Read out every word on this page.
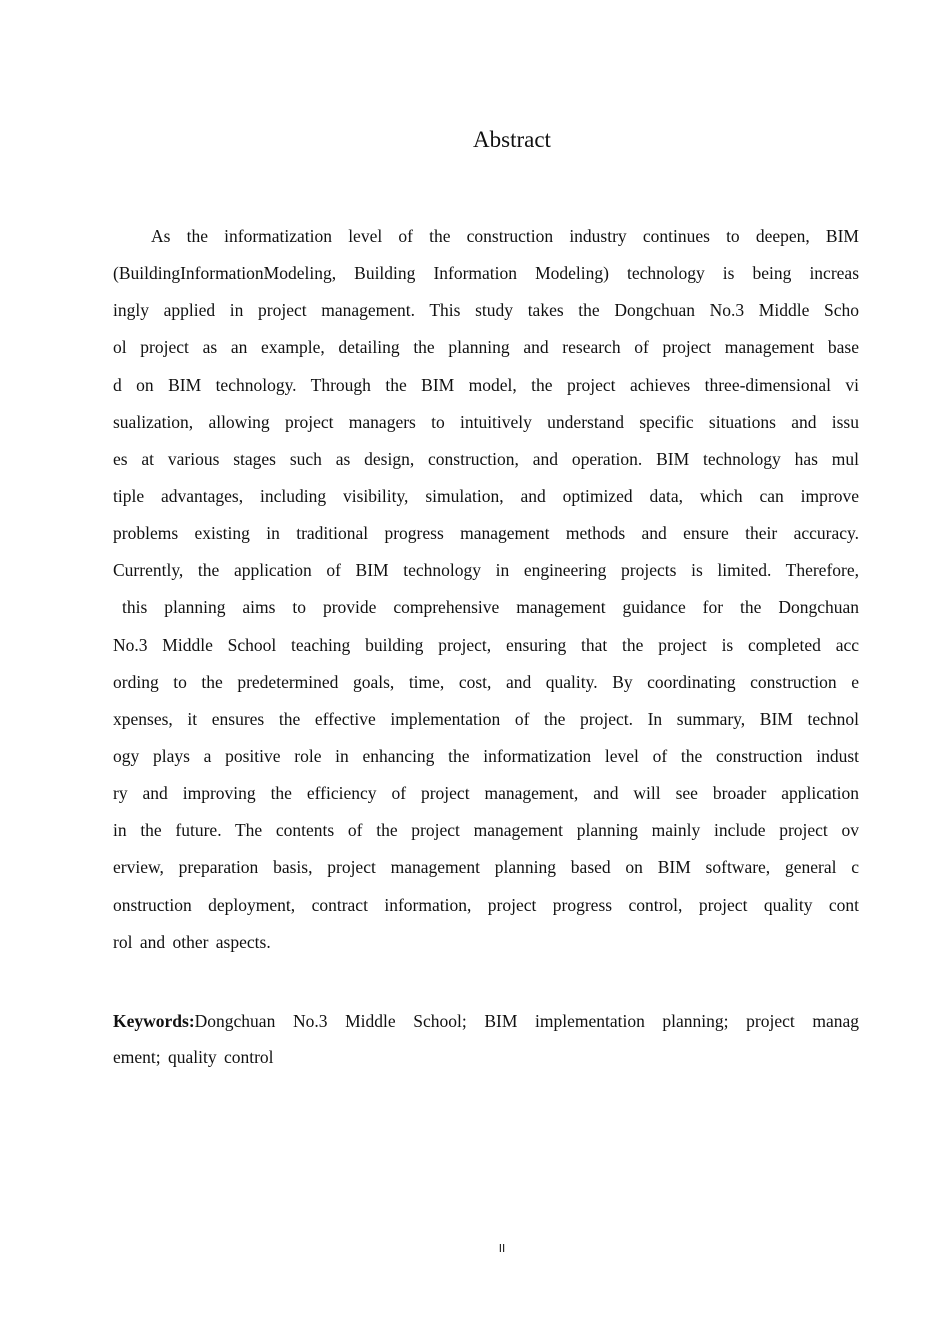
Abstract
As the informatization level of the construction industry continues to deepen, BIM
(BuildingInformationModeling, Building Information Modeling) technology is being increas
ingly applied in project management. This study takes the Dongchuan No.3 Middle Scho
ol project as an example, detailing the planning and research of project management base
d on BIM technology. Through the BIM model, the project achieves three-dimensional vi
sualization, allowing project managers to intuitively understand specific situations and issu
es at various stages such as design, construction, and operation. BIM technology has mul
tiple advantages, including visibility, simulation, and optimized data, which can improve
problems existing in traditional progress management methods and ensure their accuracy.
Currently, the application of BIM technology in engineering projects is limited. Therefore,
this planning aims to provide comprehensive management guidance for the Dongchuan
No.3 Middle School teaching building project, ensuring that the project is completed acc
ording to the predetermined goals, time, cost, and quality. By coordinating construction e
xpenses, it ensures the effective implementation of the project. In summary, BIM technol
ogy plays a positive role in enhancing the informatization level of the construction indust
ry and improving the efficiency of project management, and will see broader application
in the future. The contents of the project management planning mainly include project ov
erview, preparation basis, project management planning based on BIM software, general c
onstruction deployment, contract information, project progress control, project quality cont
rol and other aspects.
Keywords:Dongchuan No.3 Middle School; BIM implementation planning; project manag
ement; quality control
II
